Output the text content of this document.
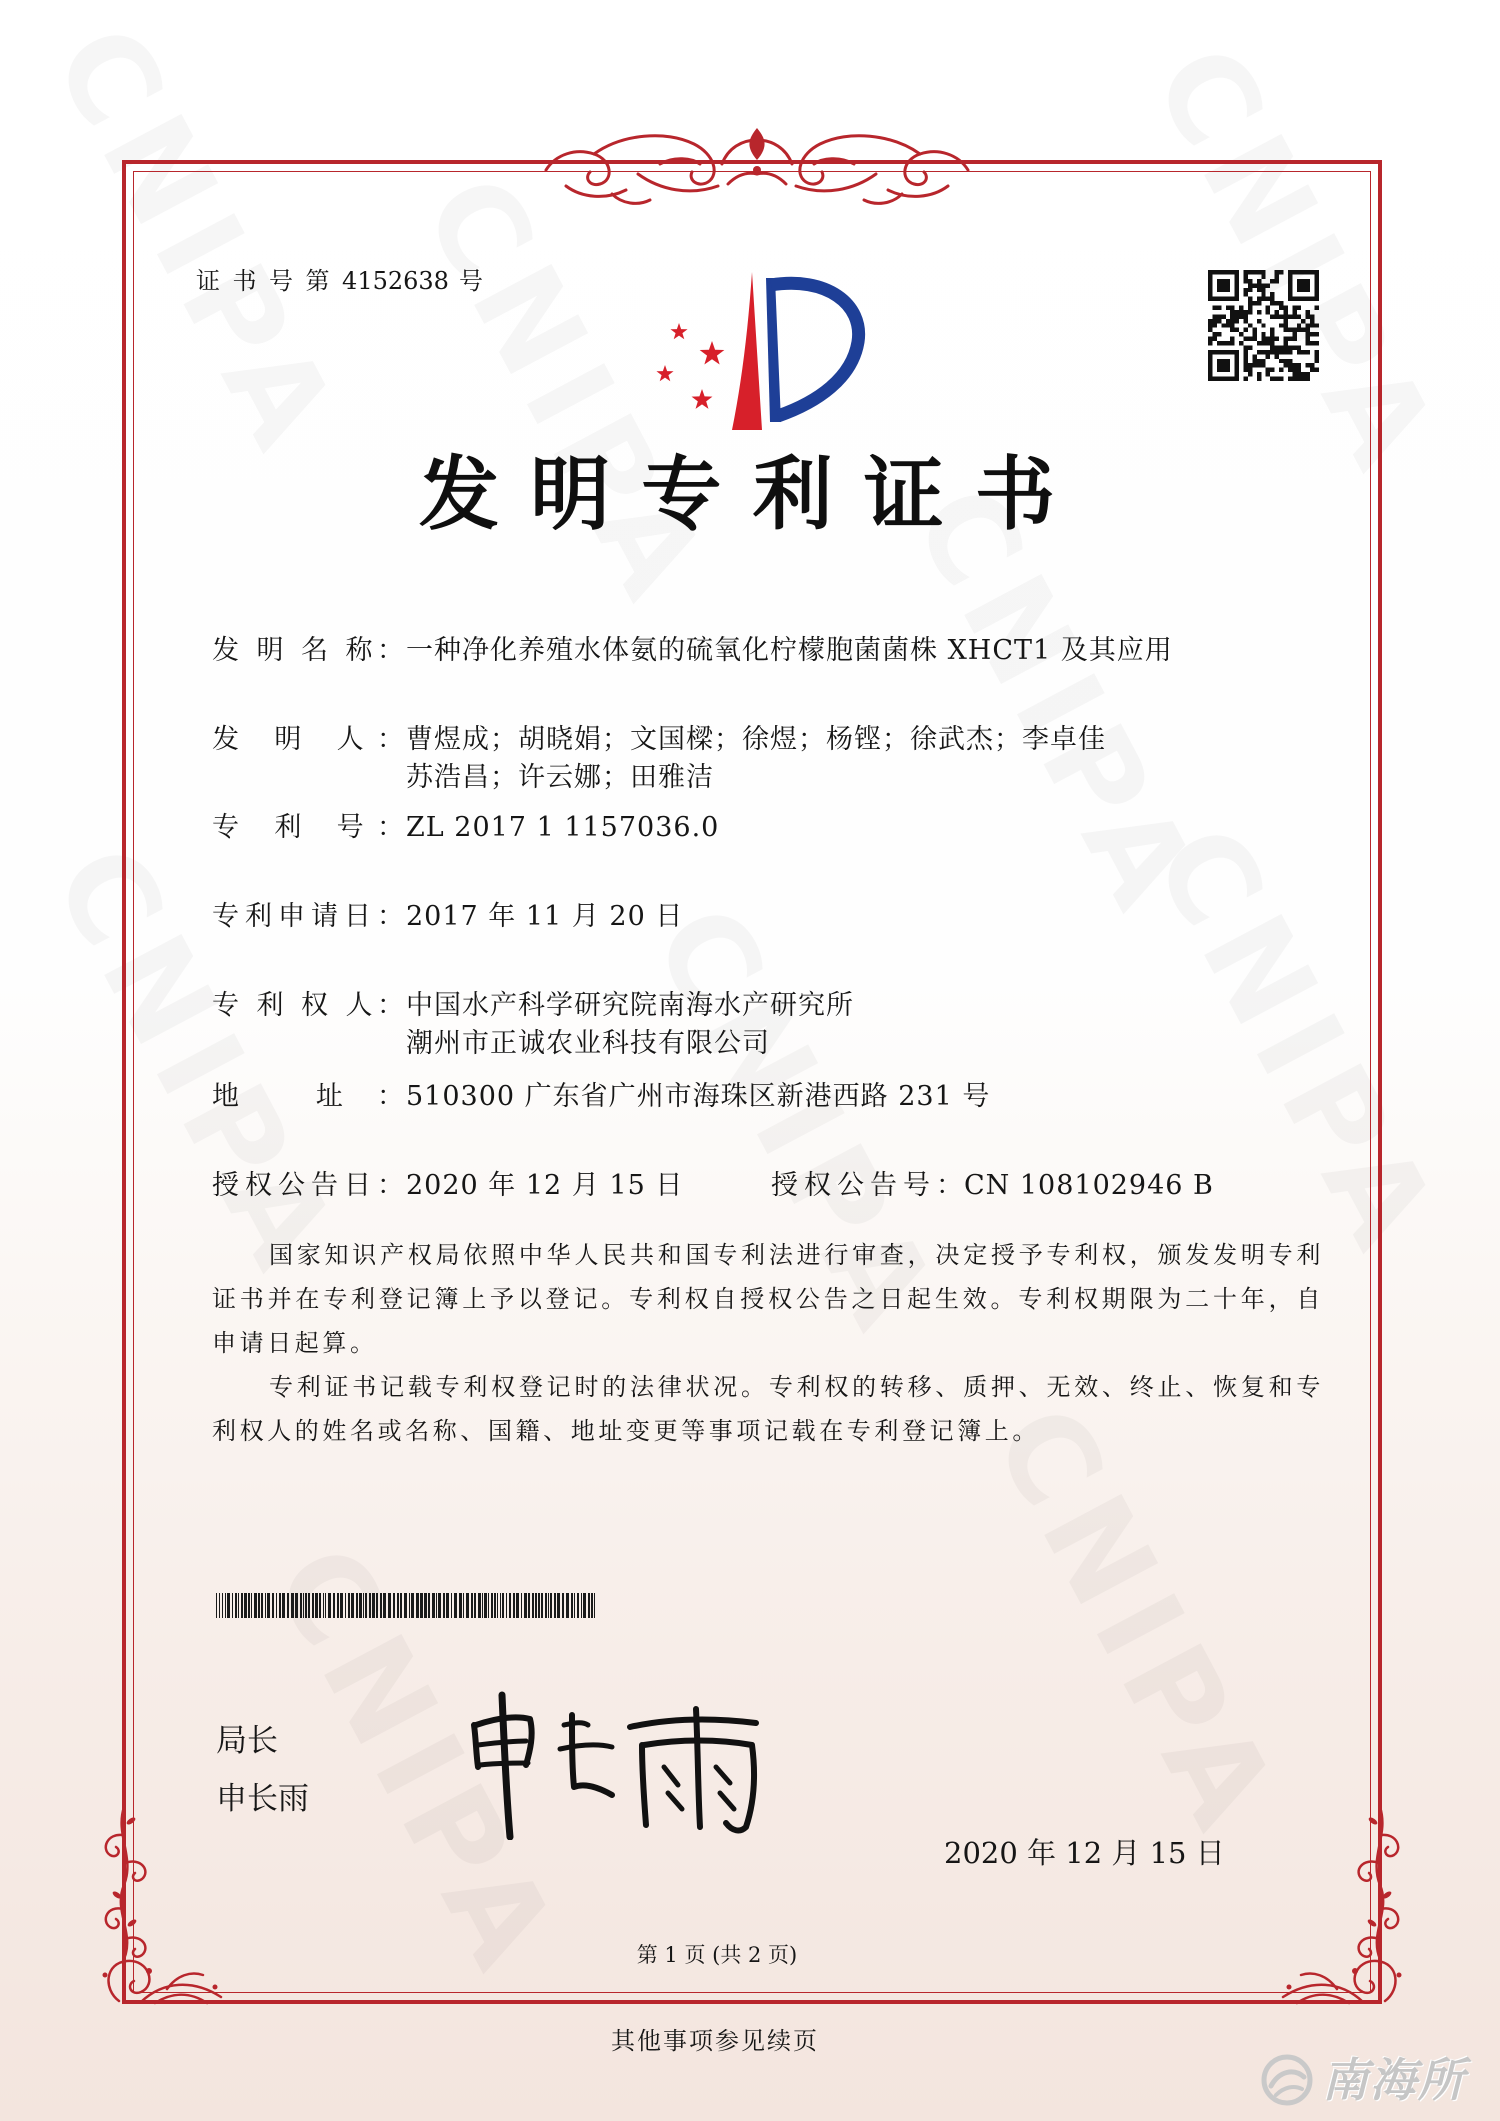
证 书 号 第 4152638 号
发 明 专 利 证 书
发 明 名 称： 一种净化养殖水体氨的硫氧化柠檬胞菌菌株 XHCT1 及其应用
发 明 人： 曹煜成；胡晓娟；文国樑；徐煜；杨铿；徐武杰；李卓佳
苏浩昌；许云娜；田雅洁
专 利 号： ZL 2017 1 1157036.0
专利申请日： 2017 年 11 月 20 日
专 利 权 人： 中国水产科学研究院南海水产研究所
潮州市正诚农业科技有限公司
地 址： 510300 广东省广州市海珠区新港西路 231 号
授权公告日： 2020 年 12 月 15 日	授权公告号： CN 108102946 B

国家知识产权局依照中华人民共和国专利法进行审查，决定授予专利权，颁发发明专利证书并在专利登记簿上予以登记。专利权自授权公告之日起生效。专利权期限为二十年，自申请日起算。

专利证书记载专利权登记时的法律状况。专利权的转移、质押、无效、终止、恢复和专利权人的姓名或名称、国籍、地址变更等事项记载在专利登记簿上。

局长
申长雨
2020 年 12 月 15 日
第 1 页 (共 2 页)
其他事项参见续页
南海所
